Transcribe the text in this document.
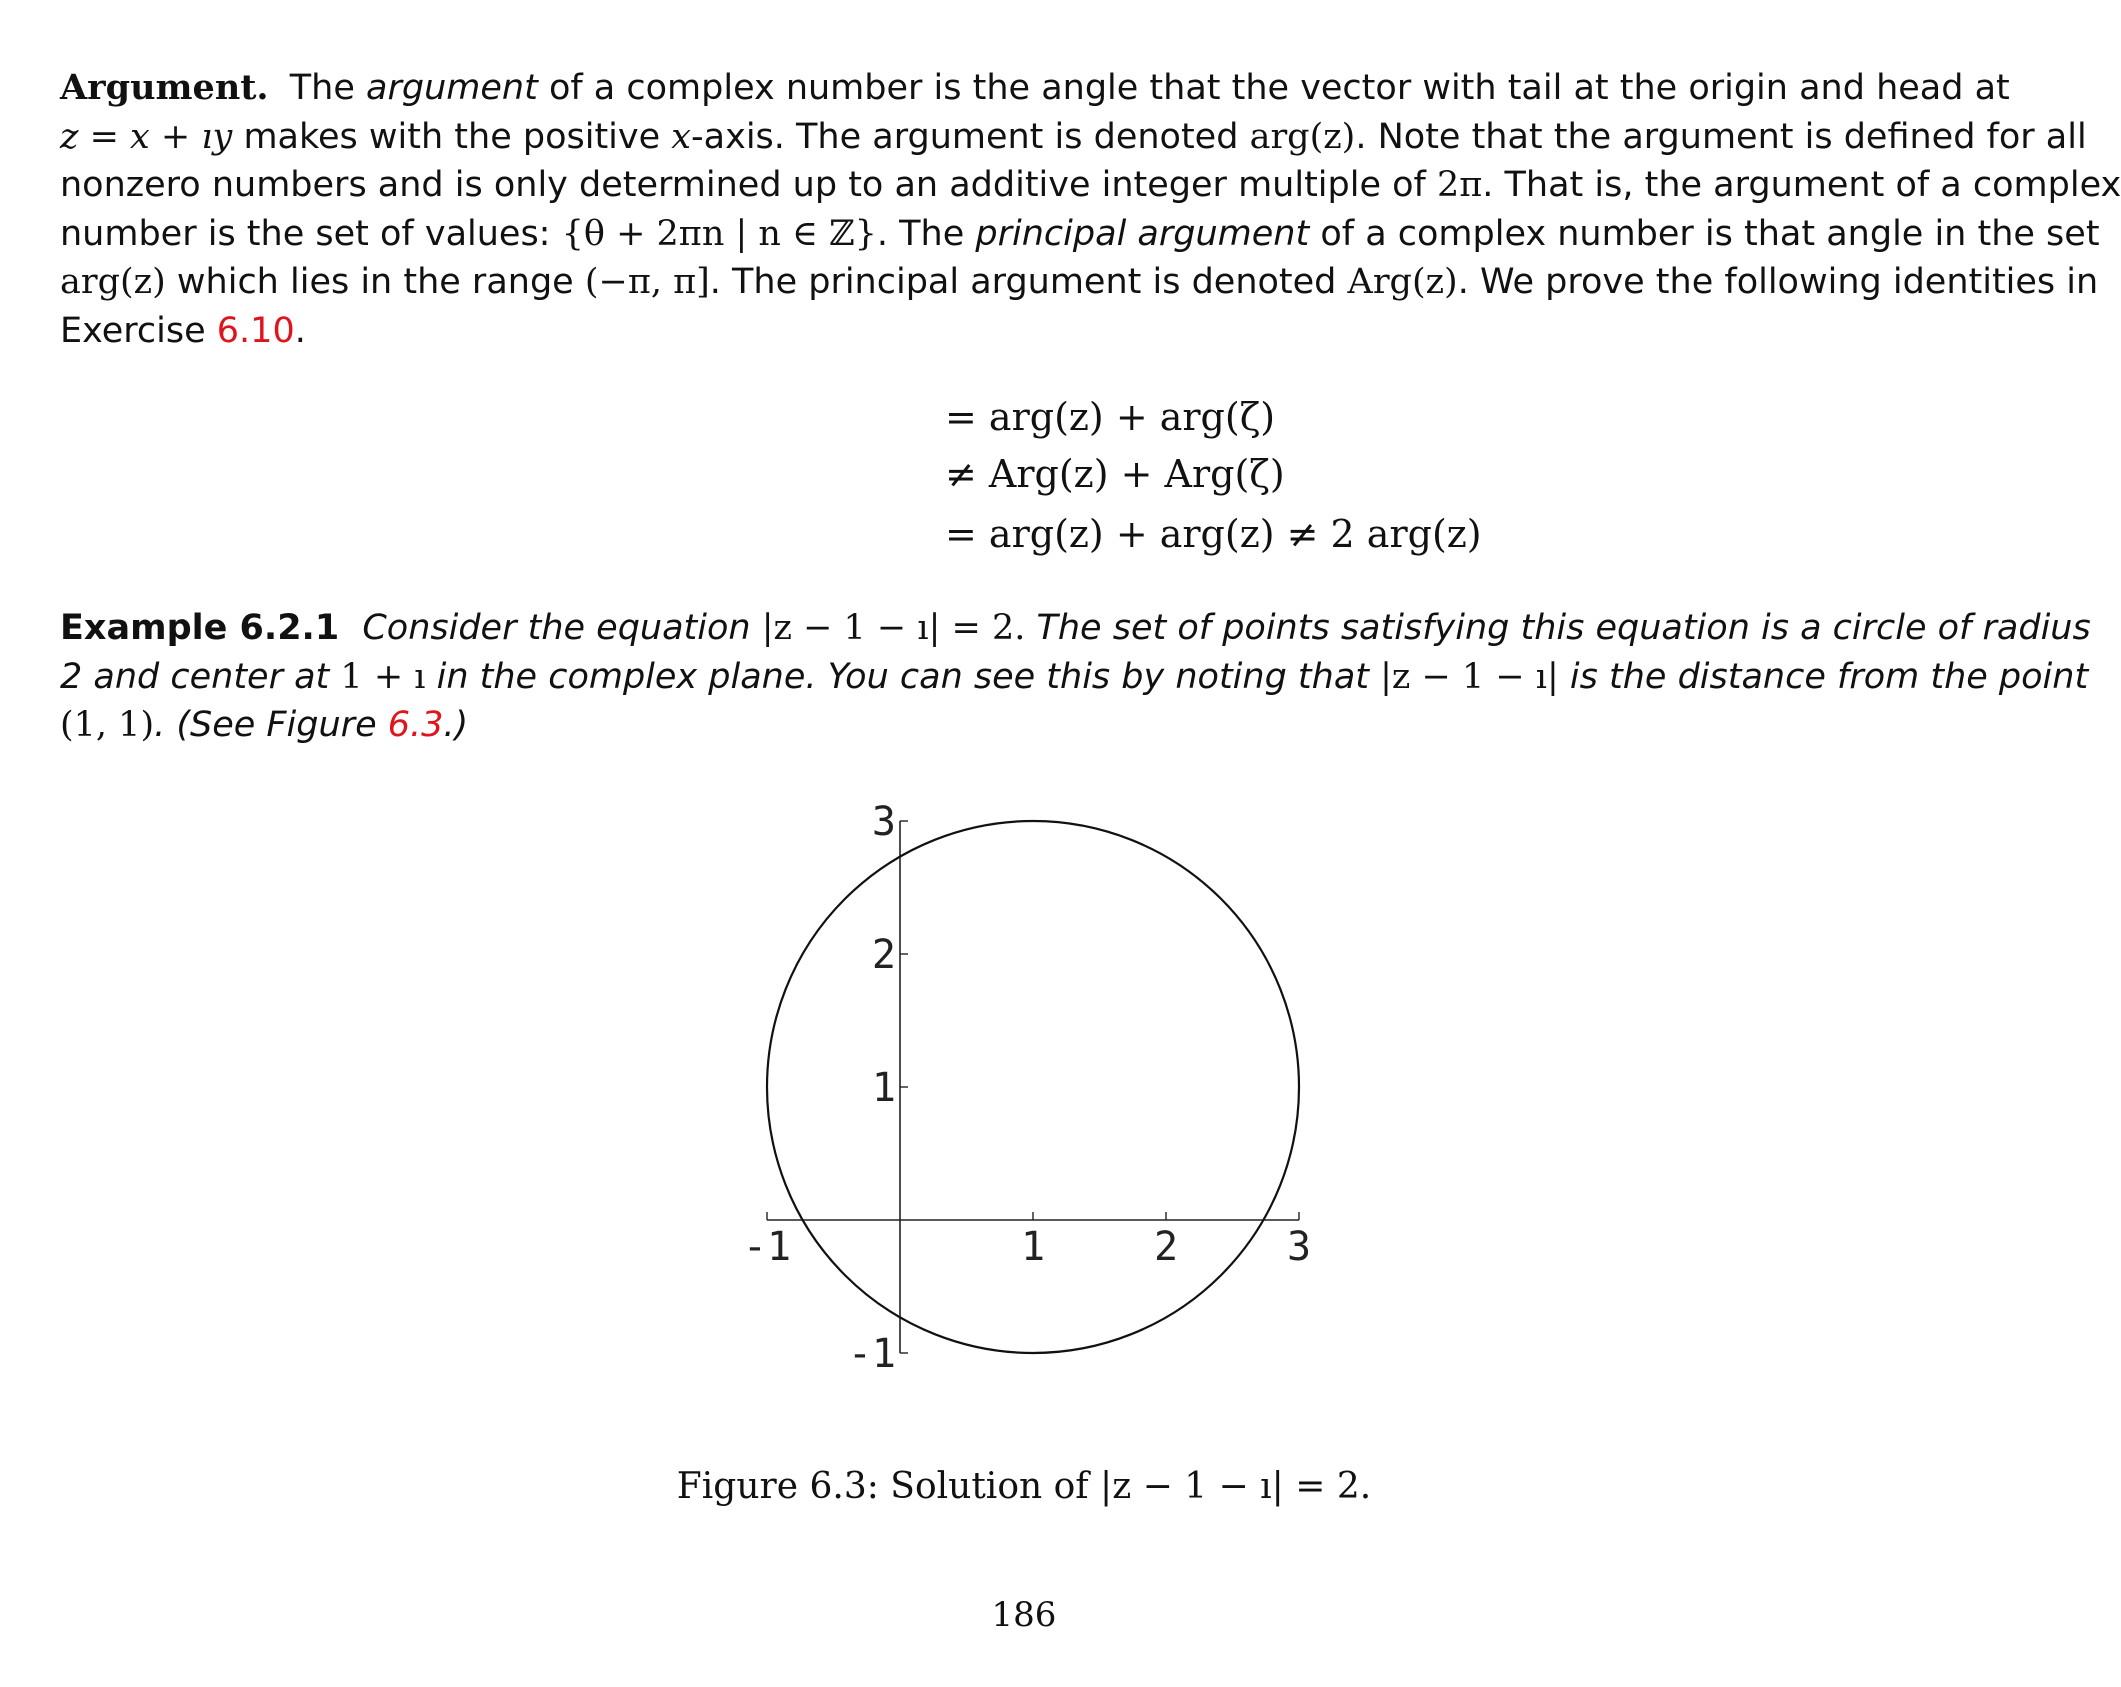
Argument. The argument of a complex number is the angle that the vector with tail at the origin and head at
z = x + ıy makes with the positive x-axis. The argument is denoted arg(z). Note that the argument is defined for all
nonzero numbers and is only determined up to an additive integer multiple of 2π. That is, the argument of a complex
number is the set of values: {θ + 2πn | n ∈ ℤ}. The principal argument of a complex number is that angle in the set
arg(z) which lies in the range (−π, π]. The principal argument is denoted Arg(z). We prove the following identities in
Exercise 6.10.
= arg(z) + arg(ζ)
≠ Arg(z) + Arg(ζ)
= arg(z) + arg(z) ≠ 2 arg(z)
Example 6.2.1 Consider the equation |z − 1 − ı| = 2. The set of points satisfying this equation is a circle of radius
2 and center at 1 + ı in the complex plane. You can see this by noting that |z − 1 − ı| is the distance from the point
(1, 1). (See Figure 6.3.)
-1	1	2	3
3
2
1
-1
Figure 6.3: Solution of |z − 1 − ı| = 2.
186
